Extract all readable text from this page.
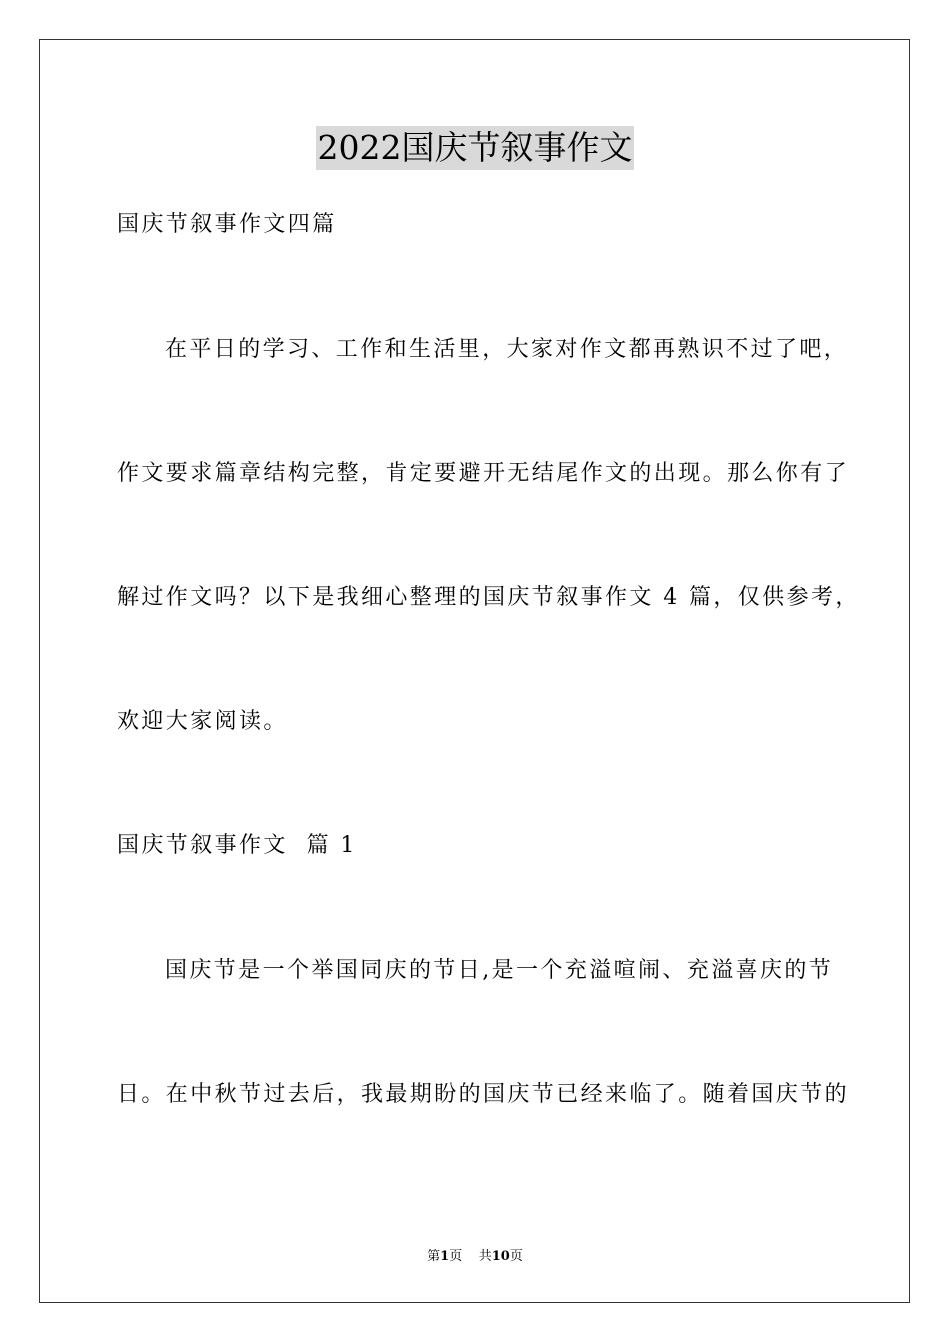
2022国庆节叙事作文
国庆节叙事作文四篇
在平日的学习、工作和生活里，大家对作文都再熟识不过了吧，
作文要求篇章结构完整，肯定要避开无结尾作文的出现。那么你有了
解过作文吗？以下是我细心整理的国庆节叙事作文 4 篇，仅供参考，
欢迎大家阅读。
国庆节叙事作文  篇 1
国庆节是一个举国同庆的节日,是一个充溢喧闹、充溢喜庆的节
日。在中秋节过去后，我最期盼的国庆节已经来临了。随着国庆节的
第1页 共10页
